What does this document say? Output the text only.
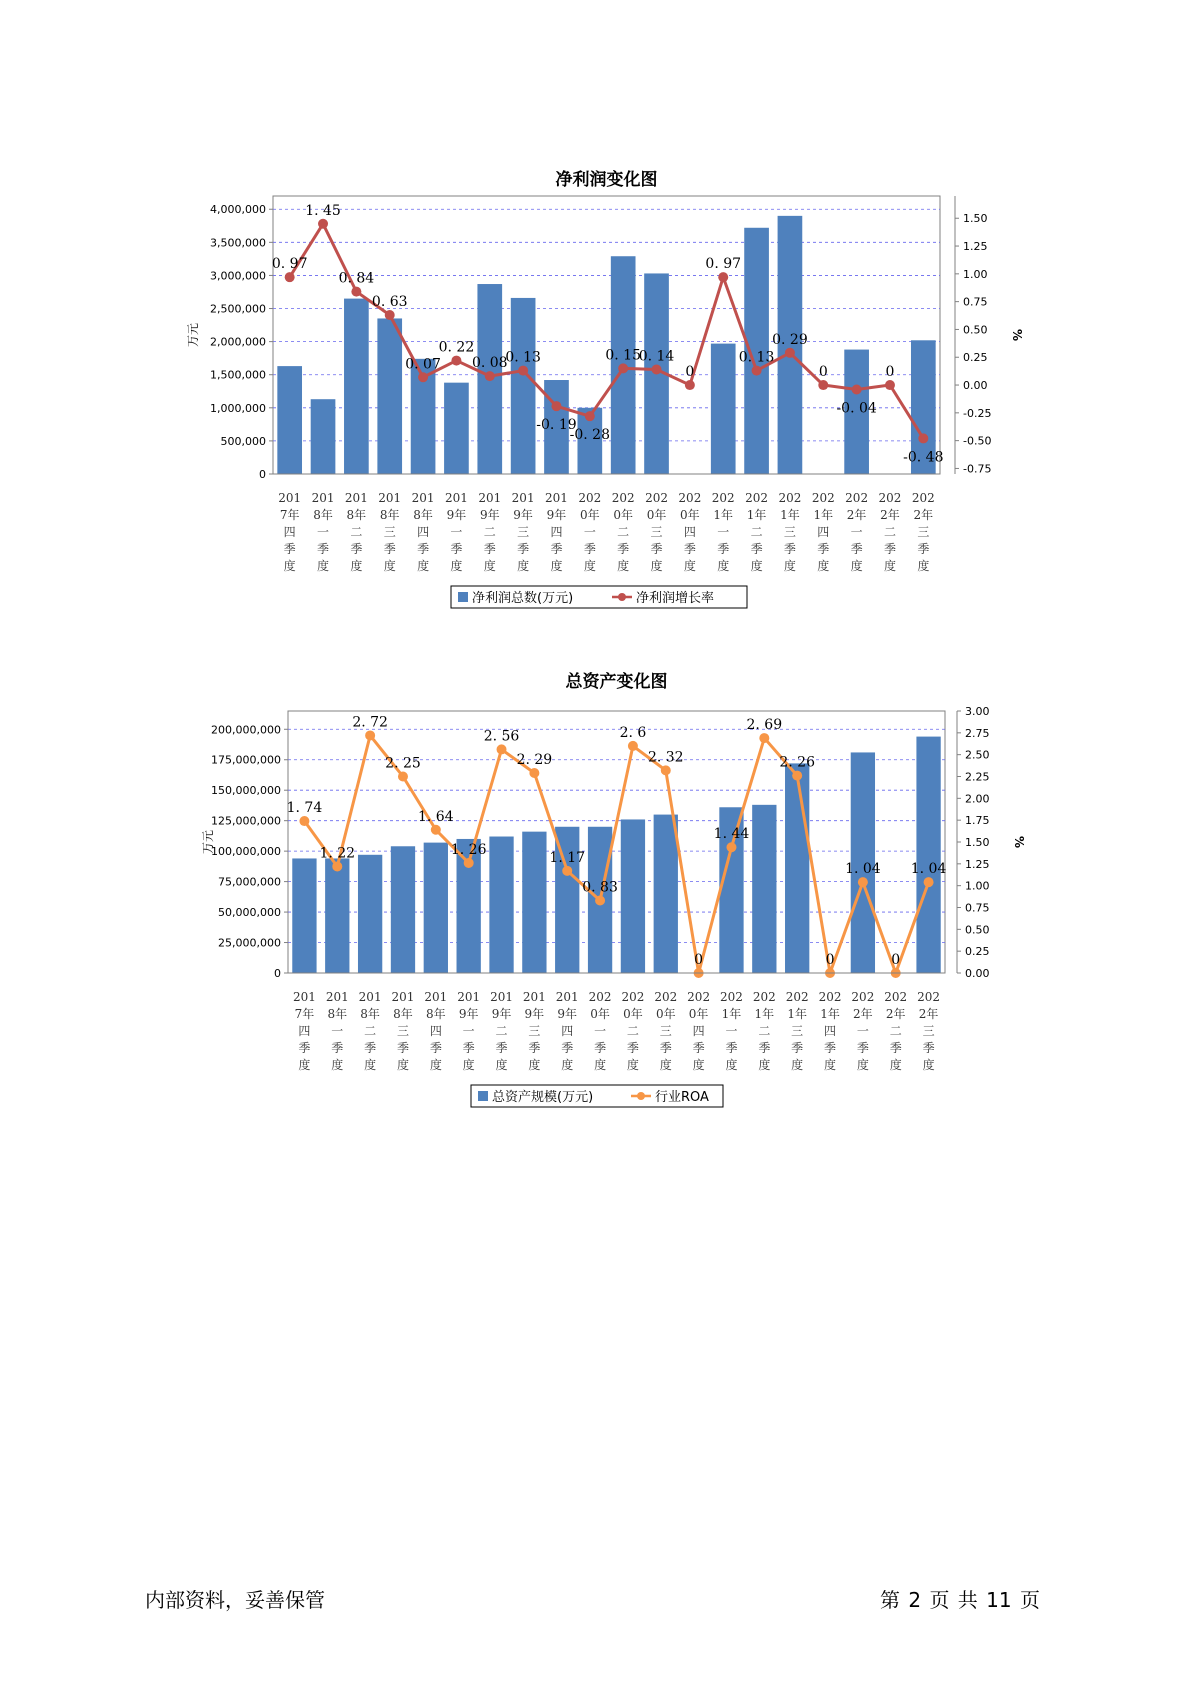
净利润变化图
0
500,000
1,000,000
1,500,000
2,000,000
2,500,000
3,000,000
3,500,000
4,000,000
-0.75
-0.50
-0.25
0.00
0.25
0.50
0.75
1.00
1.25
1.50
万元	%
0. 97
1. 45
0. 84
0. 63
0. 07
0. 22
0. 08
0. 13
-0. 19
-0. 28
0. 15
0. 14
0
0. 97
0. 13
0. 29
0
-0. 04
0
-0. 48
201
7年
四
季
度
201
8年
一
季
度
201
8年
二
季
度
201
8年
三
季
度
201
8年
四
季
度
201
9年
一
季
度
201
9年
二
季
度
201
9年
三
季
度
201
9年
四
季
度
202
0年
一
季
度
202
0年
二
季
度
202
0年
三
季
度
202
0年
四
季
度
202
1年
一
季
度
202
1年
二
季
度
202
1年
三
季
度
202
1年
四
季
度
202
2年
一
季
度
202
2年
二
季
度
202
2年
三
季
度
净利润总数(万元)	净利润增长率
总资产变化图
0
25,000,000
50,000,000
75,000,000
100,000,000
125,000,000
150,000,000
175,000,000
200,000,000
0.00
0.25
0.50
0.75
1.00
1.25
1.50
1.75
2.00
2.25
2.50
2.75
3.00
万元	%
1. 74
1. 22
2. 72
2. 25
1. 64
1. 26
2. 56
2. 29
1. 17
0. 83
2. 6
2. 32
0
1. 44
2. 69
2. 26
0
1. 04
0
1. 04
201
7年
四
季
度
201
8年
一
季
度
201
8年
二
季
度
201
8年
三
季
度
201
8年
四
季
度
201
9年
一
季
度
201
9年
二
季
度
201
9年
三
季
度
201
9年
四
季
度
202
0年
一
季
度
202
0年
二
季
度
202
0年
三
季
度
202
0年
四
季
度
202
1年
一
季
度
202
1年
二
季
度
202
1年
三
季
度
202
1年
四
季
度
202
2年
一
季
度
202
2年
二
季
度
202
2年
三
季
度
总资产规模(万元)	行业ROA
内部资料，妥善保管	第 2 页 共 11 页
